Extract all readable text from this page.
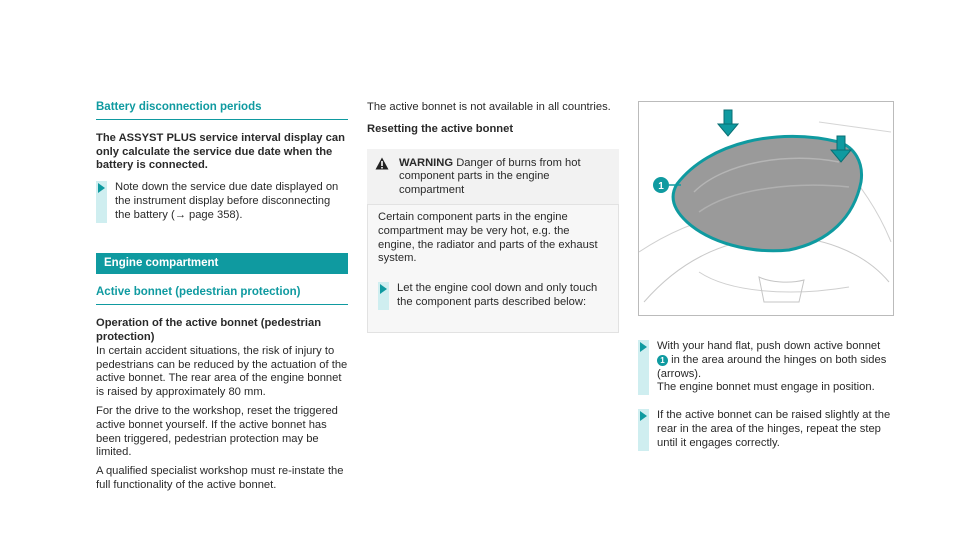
Battery disconnection periods

The ASSYST PLUS service interval display can only calculate the service due date when the battery is connected.

Note down the service due date displayed on the instrument display before disconnecting the battery (→ page 358).
Engine compartment
Active bonnet (pedestrian protection)

Operation of the active bonnet (pedestrian protection)

In certain accident situations, the risk of injury to pedestrians can be reduced by the actuation of the active bonnet. The rear area of the engine bonnet is raised by approximately 80 mm.

For the drive to the workshop, reset the triggered active bonnet yourself. If the active bonnet has been triggered, pedestrian protection may be limited.

A qualified specialist workshop must re-instate the full functionality of the active bonnet.

The active bonnet is not available in all countries.

Resetting the active bonnet

WARNING Danger of burns from hot component parts in the engine compartment

Certain component parts in the engine compartment may be very hot, e.g. the engine, the radiator and parts of the exhaust system.

Let the engine cool down and only touch the component parts described below:
1
With your hand flat, push down active bonnet
1 in the area around the hinges on both sides (arrows).
The engine bonnet must engage in position.
If the active bonnet can be raised slightly at the rear in the area of the hinges, repeat the step until it engages correctly.
